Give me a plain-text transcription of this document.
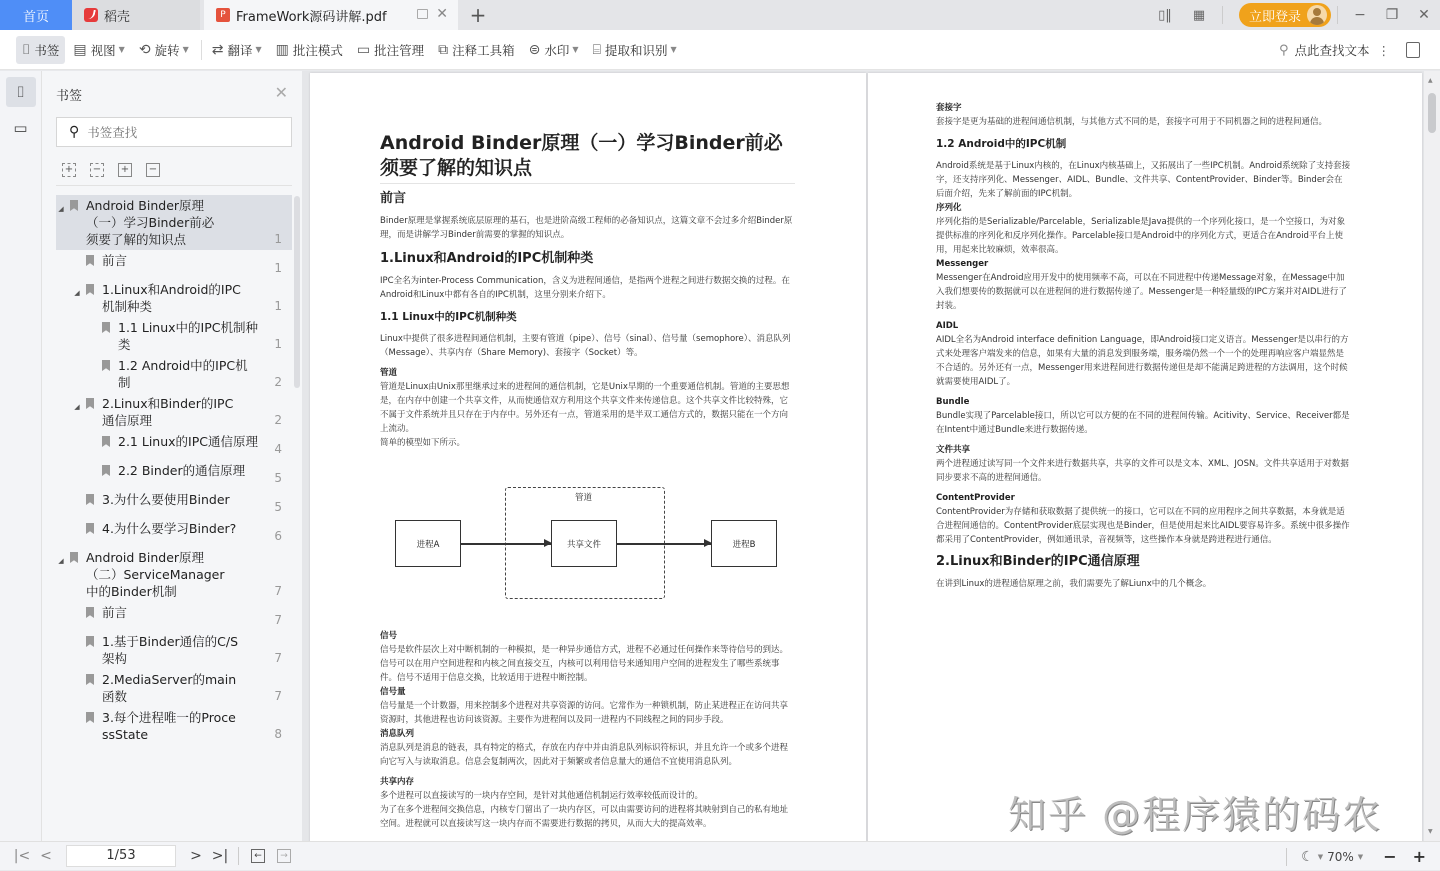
首页	稻壳	P FrameWork源码讲解.pdf	✕	+	▯‖	▦	立即登录	−	❐	✕
⌷ 书签 ▤ 视图 ▼ ⟲ 旋转 ▼ ⇄ 翻译 ▼ ▥ 批注模式 ▭ 批注管理 ⧉ 注释工具箱 ⊜ 水印 ▼ ⌸ 提取和识别 ▼	⚲ 点此查找文本 ⋮
⌷
▭
书签	✕
⚲
书签查找
+ − + −
◢ Android Binder原理（一）学习Binder前必须要了解的知识点	1
前言	1
◢ 1.Linux和Android的IPC机制种类	1
1.1 Linux中的IPC机制种类	1
1.2 Android中的IPC机制	2
◢ 2.Linux和Binder的IPC通信原理	2
2.1 Linux的IPC通信原理 4
2.2 Binder的通信原理	5
3.为什么要使用Binder	5
4.为什么要学习Binder?	6
◢ Android Binder原理（二）ServiceManager中的Binder机制	7
前言	7
1.基于Binder通信的C/S架构	7
2.MediaServer的main函数	7
3.每个进程唯一的ProcessState	8
Android Binder原理（一）学习Binder前必须要了解的知识点
前言
Binder原理是掌握系统底层原理的基石，也是进阶高级工程师的必备知识点，这篇文章不会过多介绍Binder原理，而是讲解学习Binder前需要的掌握的知识点。
1.Linux和Android的IPC机制种类
IPC全名为inter-Process Communication，含义为进程间通信，是指两个进程之间进行数据交换的过程。在Android和Linux中都有各自的IPC机制，这里分别来介绍下。
1.1 Linux中的IPC机制种类
Linux中提供了很多进程间通信机制，主要有管道（pipe）、信号（sinal）、信号量（semophore）、消息队列（Message）、共享内存（Share Memory)、套接字（Socket）等。
管道
管道是Linux由Unix那里继承过来的进程间的通信机制，它是Unix早期的一个重要通信机制。管道的主要思想是，在内存中创建一个共享文件，从而使通信双方利用这个共享文件来传递信息。这个共享文件比较特殊，它不属于文件系统并且只存在于内存中。另外还有一点，管道采用的是半双工通信方式的，数据只能在一个方向上流动。
简单的模型如下所示。
管道
进程A	共享文件	进程B
信号
信号是软件层次上对中断机制的一种模拟，是一种异步通信方式，进程不必通过任何操作来等待信号的到达。信号可以在用户空间进程和内核之间直接交互，内核可以利用信号来通知用户空间的进程发生了哪些系统事件。信号不适用于信息交换，比较适用于进程中断控制。
信号量
信号量是一个计数器，用来控制多个进程对共享资源的访问。它常作为一种锁机制，防止某进程正在访问共享资源时，其他进程也访问该资源。主要作为进程间以及同一进程内不同线程之间的同步手段。
消息队列
消息队列是消息的链表，具有特定的格式，存放在内存中并由消息队列标识符标识，并且允许一个或多个进程向它写入与读取消息。信息会复制两次，因此对于频繁或者信息量大的通信不宜使用消息队列。
共享内存
多个进程可以直接读写的一块内存空间，是针对其他通信机制运行效率较低而设计的。
为了在多个进程间交换信息，内核专门留出了一块内存区，可以由需要访问的进程将其映射到自己的私有地址空间。进程就可以直接读写这一块内存而不需要进行数据的拷贝，从而大大的提高效率。
套接字
套接字是更为基础的进程间通信机制，与其他方式不同的是，套接字可用于不同机器之间的进程间通信。
1.2 Android中的IPC机制
Android系统是基于Linux内核的，在Linux内核基础上，又拓展出了一些IPC机制。Android系统除了支持套接字，还支持序列化、Messenger、AIDL、Bundle、文件共享、ContentProvider、Binder等。Binder会在后面介绍，先来了解前面的IPC机制。
序列化
序列化指的是Serializable/Parcelable，Serializable是Java提供的一个序列化接口，是一个空接口，为对象提供标准的序列化和反序列化操作。Parcelable接口是Android中的序列化方式，更适合在Android平台上使用，用起来比较麻烦，效率很高。
Messenger
Messenger在Android应用开发中的使用频率不高，可以在不同进程中传递Message对象，在Message中加入我们想要传的数据就可以在进程间的进行数据传递了。Messenger是一种轻量级的IPC方案并对AIDL进行了封装。
AIDL
AIDL全名为Android interface definition Language，即Android接口定义语言。Messenger是以串行的方式来处理客户端发来的信息，如果有大量的消息发到服务端，服务端仍然一个一个的处理再响应客户端显然是不合适的。另外还有一点，Messenger用来进程间进行数据传递但是却不能满足跨进程的方法调用，这个时候就需要使用AIDL了。
Bundle
Bundle实现了Parcelable接口，所以它可以方便的在不同的进程间传输。Acitivity、Service、Receiver都是在Intent中通过Bundle来进行数据传递。
文件共享
两个进程通过读写同一个文件来进行数据共享，共享的文件可以是文本、XML、JOSN。文件共享适用于对数据同步要求不高的进程间通信。
ContentProvider
ContentProvider为存储和获取数据了提供统一的接口，它可以在不同的应用程序之间共享数据，本身就是适合进程间通信的。ContentProvider底层实现也是Binder，但是使用起来比AIDL要容易许多。系统中很多操作都采用了ContentProvider，例如通讯录，音视频等，这些操作本身就是跨进程进行通信。
2.Linux和Binder的IPC通信原理
在讲到Linux的进程通信原理之前，我们需要先了解Liunx中的几个概念。
▲
▼
知乎 @程序猿的码农
|< <	1/53	> >|	←	→	☾ ▼ 70% ▼ − +
